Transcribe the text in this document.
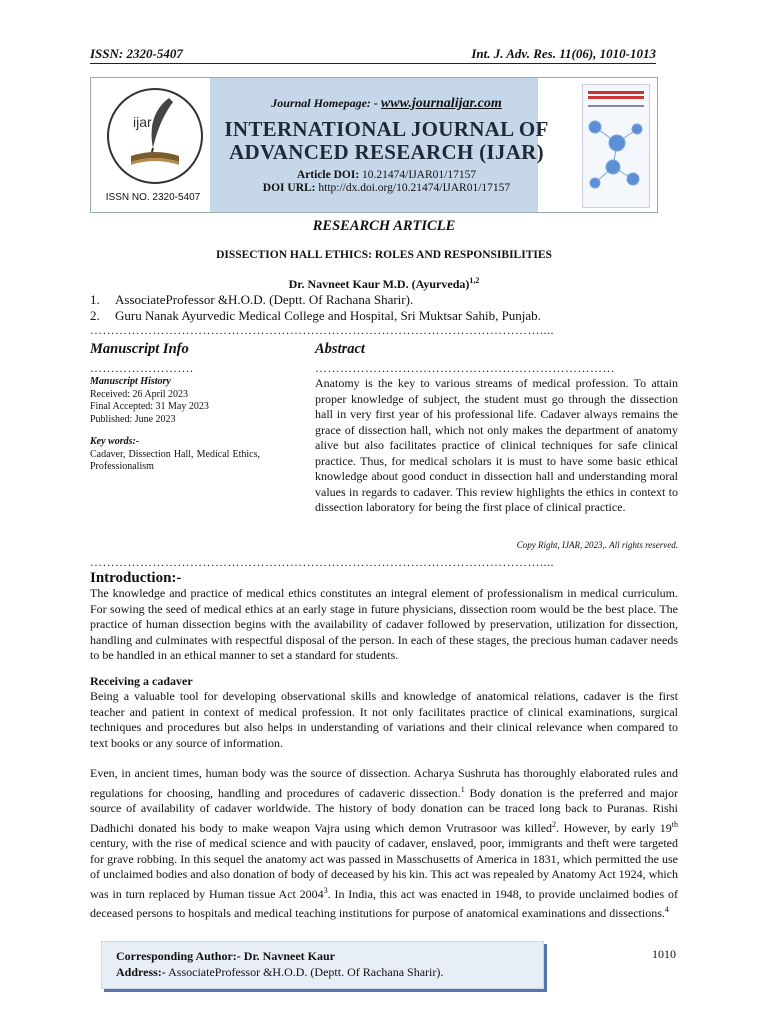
ISSN: 2320-5407	Int. J. Adv. Res. 11(06), 1010-1013
ijar
ISSN NO. 2320-5407
Journal Homepage: - www.journalijar.com
INTERNATIONAL JOURNAL OF
ADVANCED RESEARCH (IJAR)
Article DOI: 10.21474/IJAR01/17157
DOI URL: http://dx.doi.org/10.21474/IJAR01/17157
RESEARCH ARTICLE
DISSECTION HALL ETHICS: ROLES AND RESPONSIBILITIES
Dr. Navneet Kaur M.D. (Ayurveda)$^{1,2}$
1. AssociateProfessor &H.O.D. (Deptt. Of Rachana Sharir).
2. Guru Nanak Ayurvedic Medical College and Hospital, Sri Muktsar Sahib, Punjab.
………………………………………………………………………………………………....
Manuscript Info
…………………….
Manuscript History
Received: 26 April 2023
Final Accepted: 31 May 2023
Published: June 2023
Key words:-
Cadaver, Dissection Hall, Medical Ethics, Professionalism
Abstract
………………………………………………………………
Anatomy is the key to various streams of medical profession. To attain proper knowledge of subject, the student must go through the dissection hall in very first year of his professional life. Cadaver always remains the grace of dissection hall, which not only makes the department of anatomy alive but also facilitates practice of clinical techniques for safe clinical practice. Thus, for medical scholars it is must to have some basic ethical knowledge about good conduct in dissection hall and understanding moral values in regards to cadaver. This review highlights the ethics in context to dissection laboratory for being the first place of clinical practice.
Copy Right, IJAR, 2023,. All rights reserved.
………………………………………………………………………………………………....
Introduction:-

The knowledge and practice of medical ethics constitutes an integral element of professionalism in medical curriculum. For sowing the seed of medical ethics at an early stage in future physicians, dissection room would be the best place. The practice of human dissection begins with the availability of cadaver followed by preservation, utilization for dissection, handling and culminates with respectful disposal of the person. In each of these stages, the precious human cadaver needs to be handled in an ethical manner to set a standard for students.

Receiving a cadaver

Being a valuable tool for developing observational skills and knowledge of anatomical relations, cadaver is the first teacher and patient in context of medical profession. It not only facilitates practice of clinical examinations, surgical techniques and procedures but also helps in understanding of variations and their clinical relevance when compared to text books or any source of information.

Even, in ancient times, human body was the source of dissection. Acharya Sushruta has thoroughly elaborated rules and regulations for choosing, handling and procedures of cadaveric dissection.$^1$ Body donation is the preferred and major source of availability of cadaver worldwide. The history of body donation can be traced long back to Puranas. Rishi Dadhichi donated his body to make weapon Vajra using which demon Vrutrasoor was killed$^2$. However, by early 19th century, with the rise of medical science and with paucity of cadaver, enslaved, poor, immigrants and theft were targeted for grave robbing. In this sequel the anatomy act was passed in Masschusetts of America in 1831, which permitted the use of unclaimed bodies and also donation of body of deceased by his kin. This act was repealed by Anatomy Act 1924, which was in turn replaced by Human tissue Act 2004$^3$. In India, this act was enacted in 1948, to provide unclaimed bodies of deceased persons to hospitals and medical teaching institutions for purpose of anatomical examinations and dissections.$^4$

Corresponding Author:- Dr. Navneet Kaur
Address:- AssociateProfessor &H.O.D. (Deptt. Of Rachana Sharir).
1010
